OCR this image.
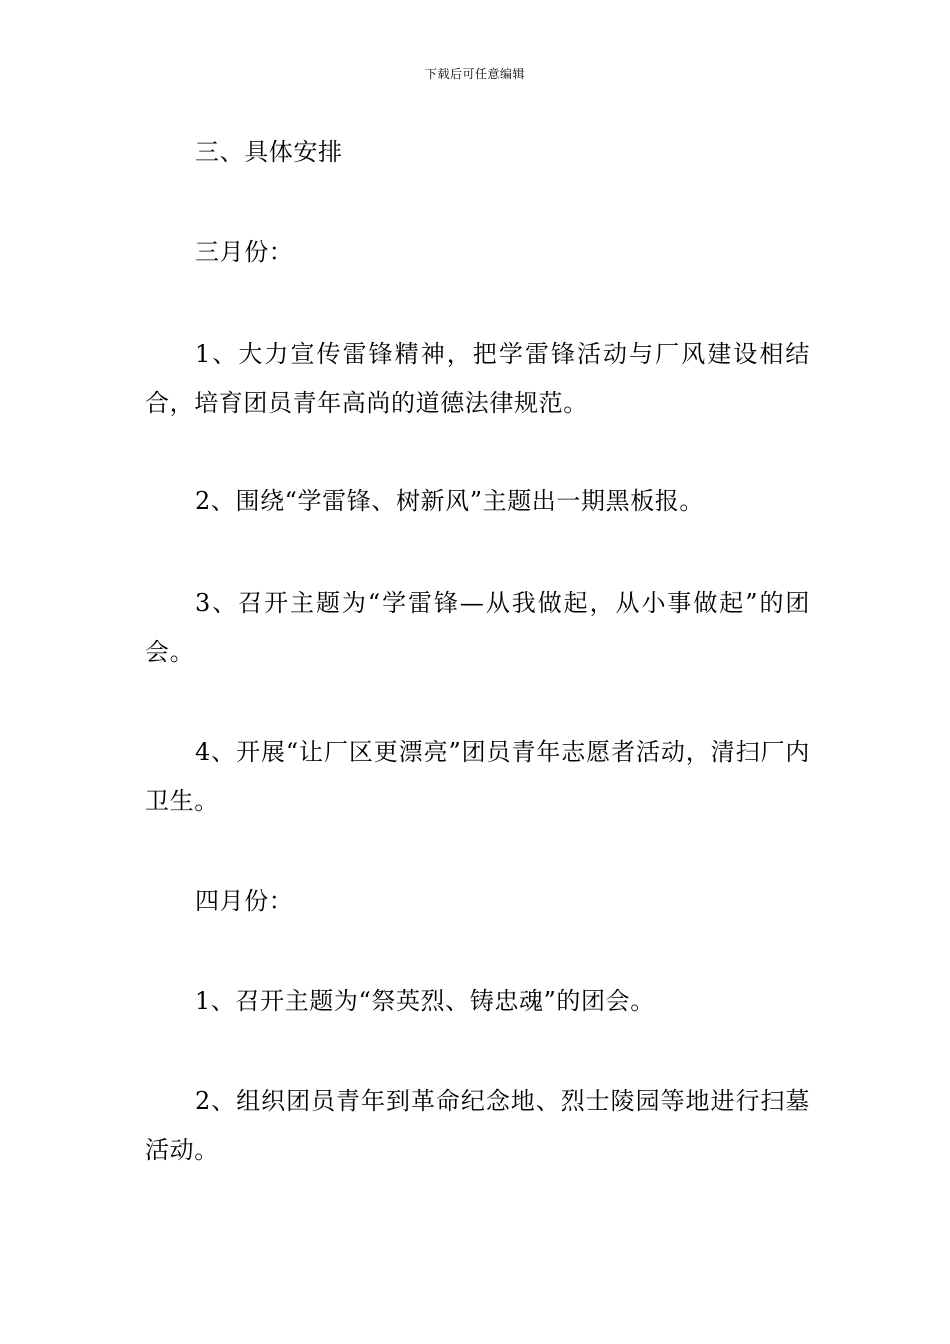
下载后可任意编辑

三、具体安排

三月份：

1、大力宣传雷锋精神，把学雷锋活动与厂风建设相结合，培育团员青年高尚的道德法律规范。

2、围绕“学雷锋、树新风”主题出一期黑板报。

3、召开主题为“学雷锋—从我做起，从小事做起”的团会。

4、开展“让厂区更漂亮”团员青年志愿者活动，清扫厂内卫生。

四月份：

1、召开主题为“祭英烈、铸忠魂”的团会。

2、组织团员青年到革命纪念地、烈士陵园等地进行扫墓活动。
